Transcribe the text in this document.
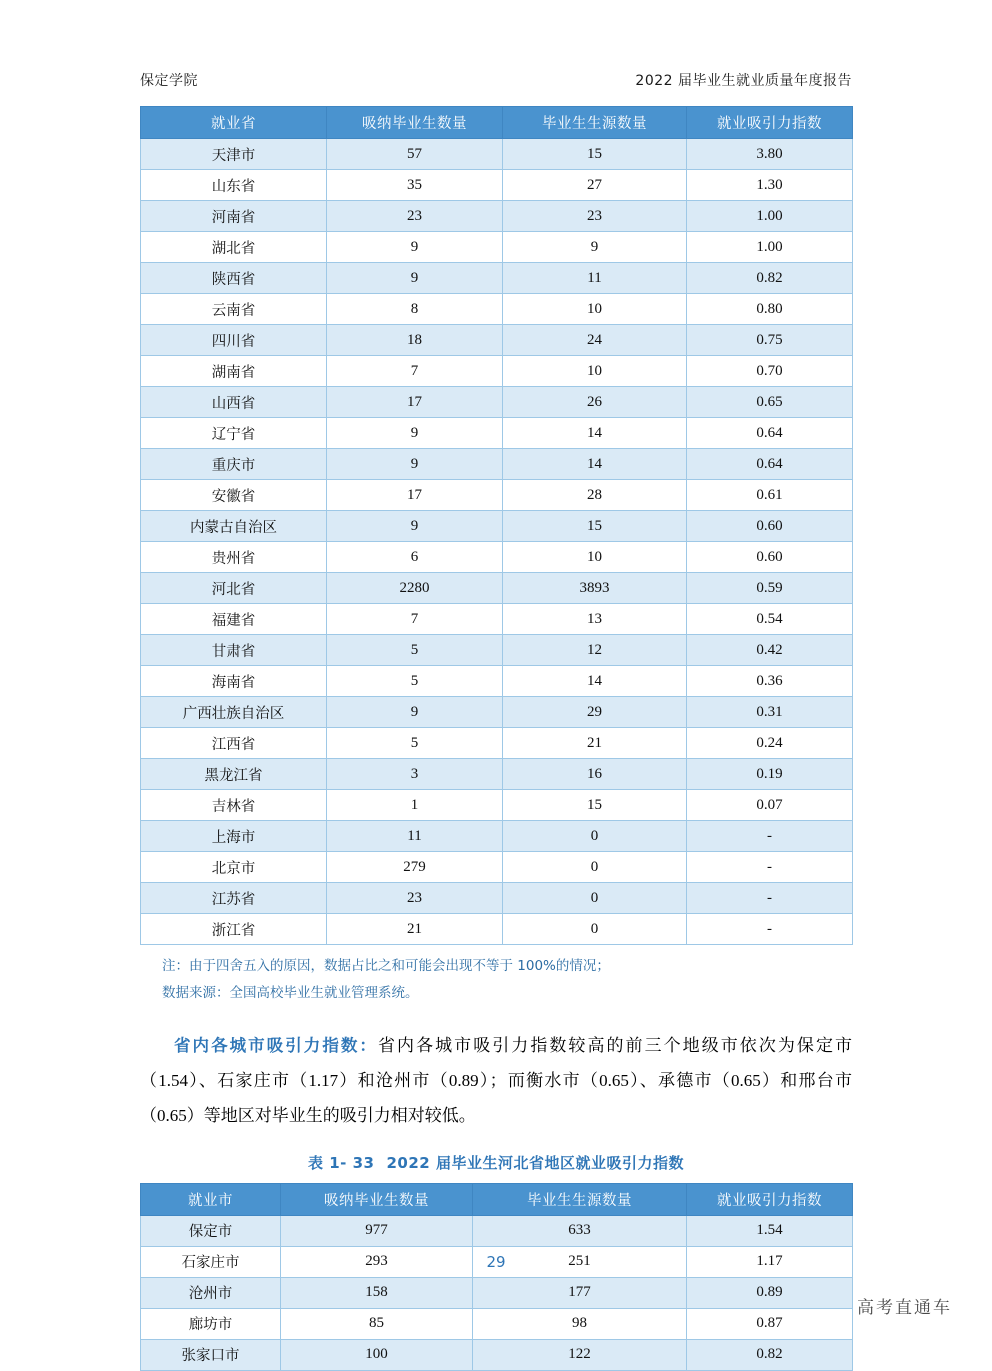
保定学院	2022 届毕业生就业质量年度报告
就业省	吸纳毕业生数量	毕业生生源数量	就业吸引力指数
天津市	57	15	3.80
山东省	35	27	1.30
河南省	23	23	1.00
湖北省	9	9	1.00
陕西省	9	11	0.82
云南省	8	10	0.80
四川省	18	24	0.75
湖南省	7	10	0.70
山西省	17	26	0.65
辽宁省	9	14	0.64
重庆市	9	14	0.64
安徽省	17	28	0.61
内蒙古自治区	9	15	0.60
贵州省	6	10	0.60
河北省	2280	3893	0.59
福建省	7	13	0.54
甘肃省	5	12	0.42
海南省	5	14	0.36
广西壮族自治区	9	29	0.31
江西省	5	21	0.24
黑龙江省	3	16	0.19
吉林省	1	15	0.07
上海市	11	0	-
北京市	279	0	-
江苏省	23	0	-
浙江省	21	0	-
注：由于四舍五入的原因，数据占比之和可能会出现不等于 100%的情况；
数据来源：全国高校毕业生就业管理系统。
省内各城市吸引力指数：省内各城市吸引力指数较高的前三个地级市依次为保定市（1.54）、石家庄市（1.17）和沧州市（0.89）；而衡水市（0.65）、承德市（0.65）和邢台市（0.65）等地区对毕业生的吸引力相对较低。
表 1- 33 2022 届毕业生河北省地区就业吸引力指数
就业市	吸纳毕业生数量	毕业生生源数量	就业吸引力指数
保定市	977	633	1.54
石家庄市	293	251	1.17
沧州市	158	177	0.89
廊坊市	85	98	0.87
张家口市	100	122	0.82
29
高考直通车
